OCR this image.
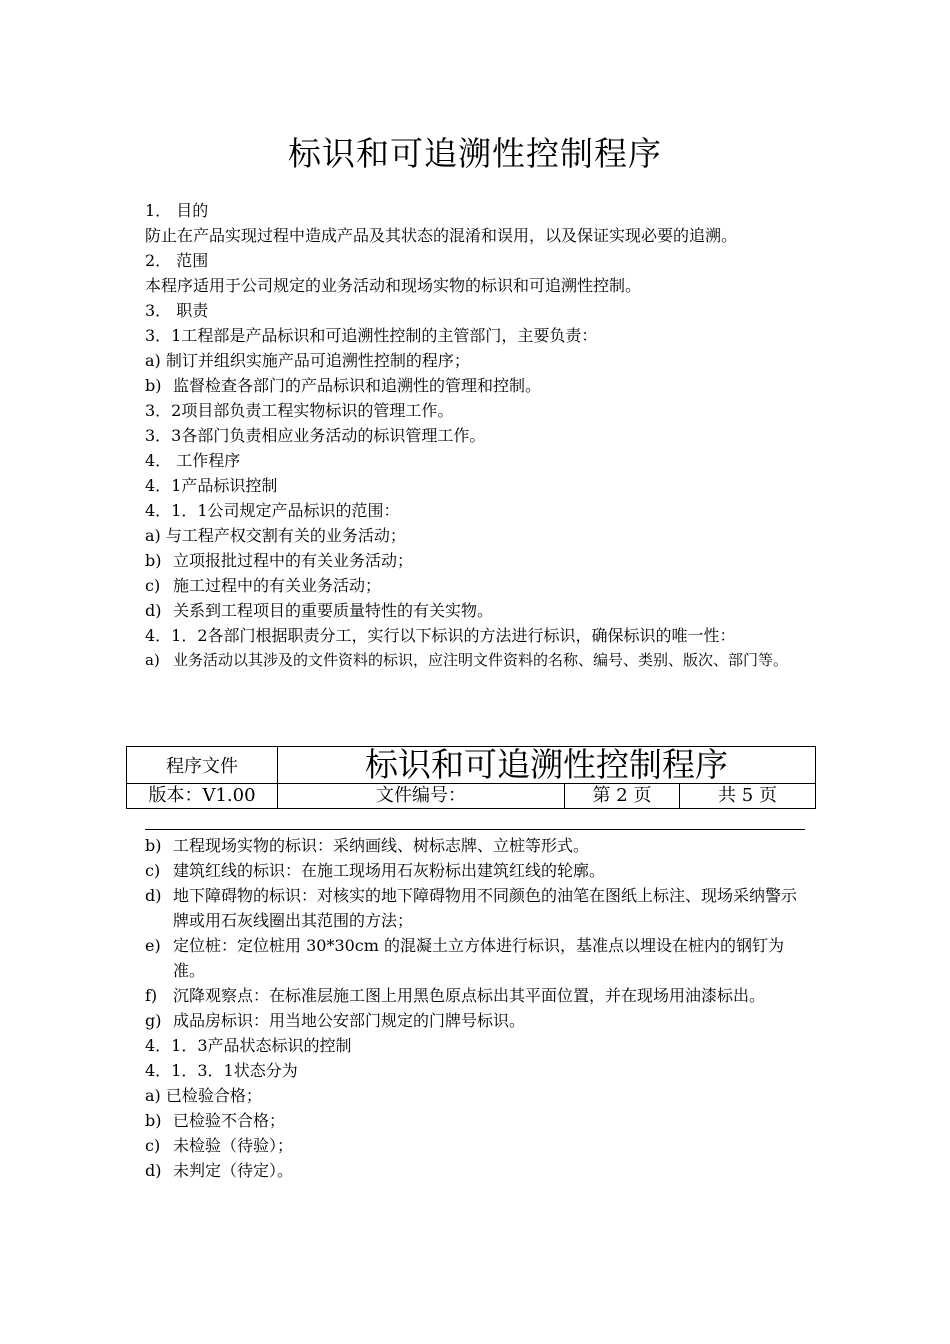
标识和可追溯性控制程序
1． 目的
防止在产品实现过程中造成产品及其状态的混淆和误用，以及保证实现必要的追溯。
2． 范围
本程序适用于公司规定的业务活动和现场实物的标识和可追溯性控制。
3． 职责
3．1工程部是产品标识和可追溯性控制的主管部门，主要负责：
a) 制订并组织实施产品可追溯性控制的程序；
b) 监督检查各部门的产品标识和追溯性的管理和控制。
3．2项目部负责工程实物标识的管理工作。
3．3各部门负责相应业务活动的标识管理工作。
4． 工作程序
4．1产品标识控制
4．1．1公司规定产品标识的范围：
a) 与工程产权交割有关的业务活动；
b) 立项报批过程中的有关业务活动；
c) 施工过程中的有关业务活动；
d) 关系到工程项目的重要质量特性的有关实物。
4．1．2各部门根据职责分工，实行以下标识的方法进行标识，确保标识的唯一性：
a) 业务活动以其涉及的文件资料的标识，应注明文件资料的名称、编号、类别、版次、部门等。
程序文件	标识和可追溯性控制程序		
版本：V1.00	文件编号：	第 2 页	共 5 页
b) 工程现场实物的标识：采纳画线、树标志牌、立桩等形式。
c) 建筑红线的标识：在施工现场用石灰粉标出建筑红线的轮廓。
d) 地下障碍物的标识：对核实的地下障碍物用不同颜色的油笔在图纸上标注、现场采纳警示牌或用石灰线圈出其范围的方法；
e) 定位桩：定位桩用 30*30cm 的混凝土立方体进行标识，基准点以埋设在桩内的钢钉为准。
f) 沉降观察点：在标准层施工图上用黑色原点标出其平面位置，并在现场用油漆标出。
g) 成品房标识：用当地公安部门规定的门牌号标识。
4．1．3产品状态标识的控制
4．1．3．1状态分为
a) 已检验合格；
b) 已检验不合格；
c) 未检验（待验）；
d) 未判定（待定）。
